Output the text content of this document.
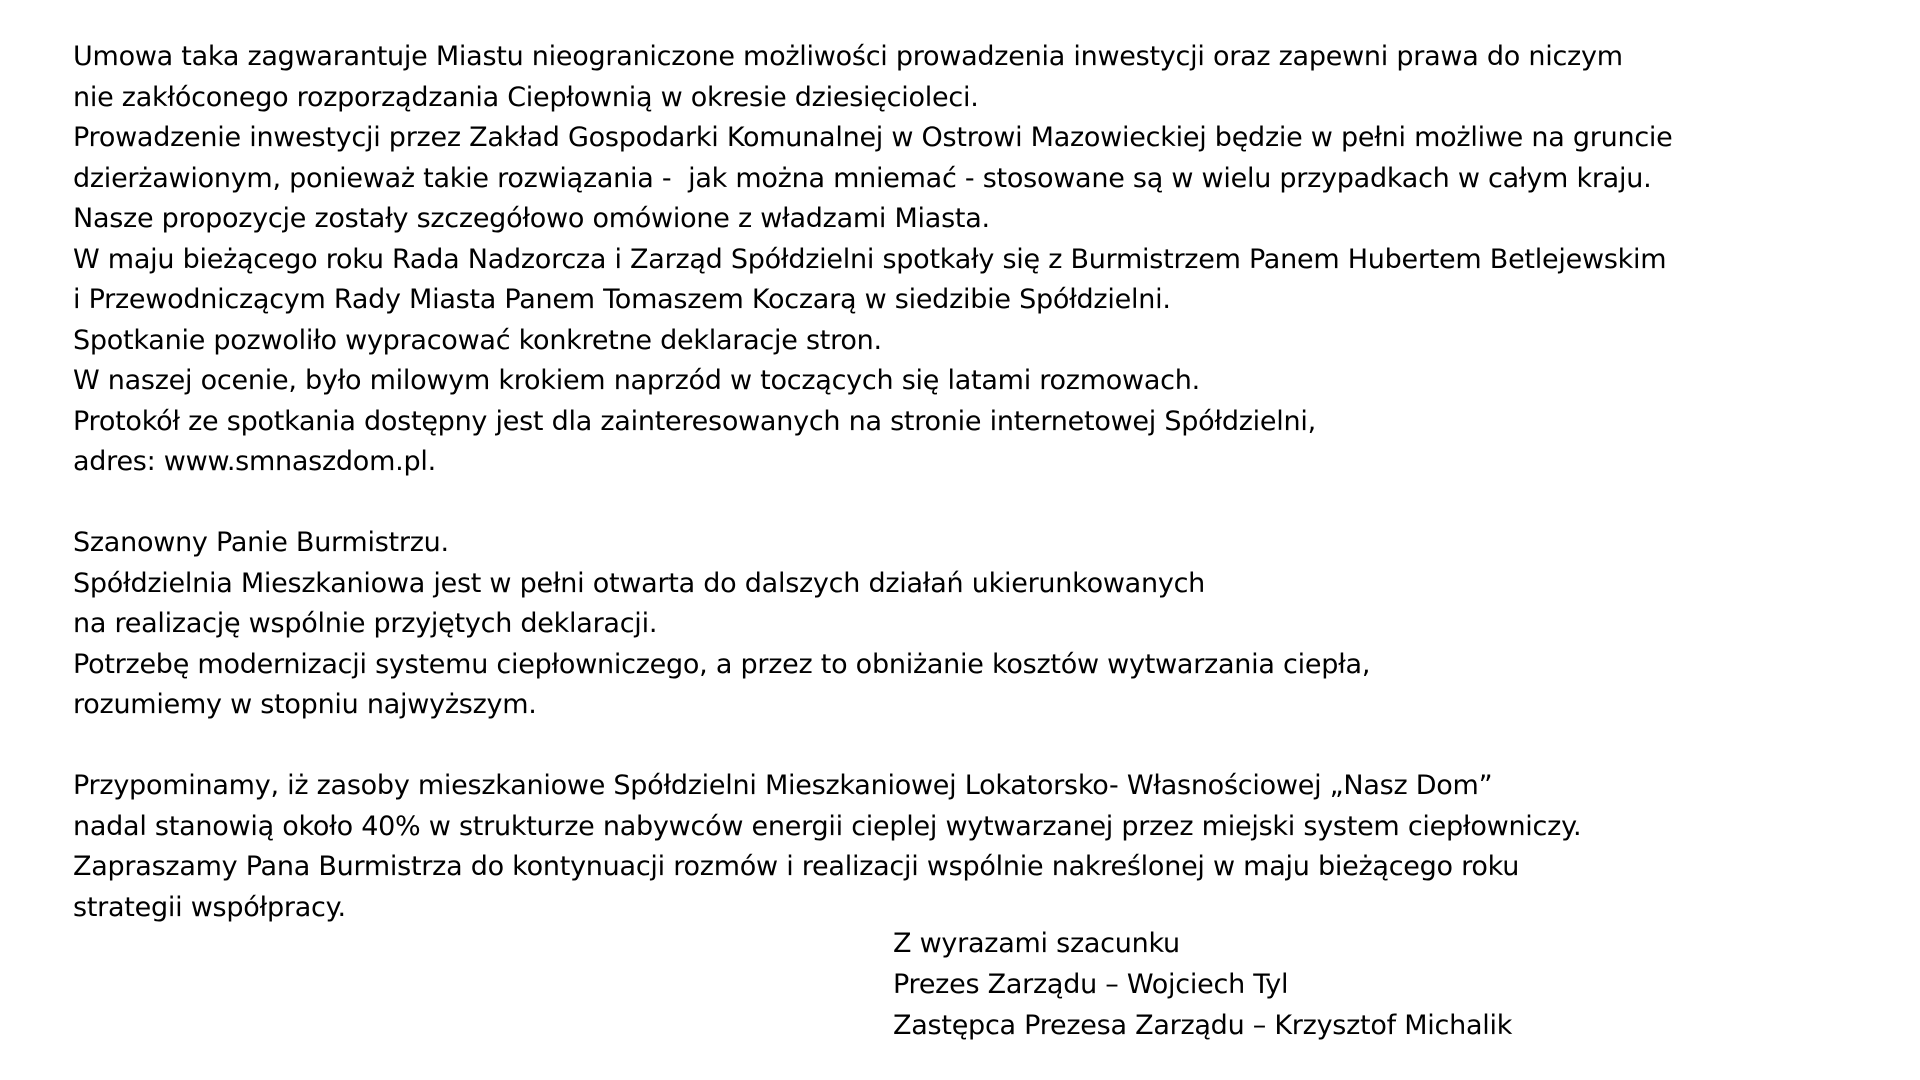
Umowa taka zagwarantuje Miastu nieograniczone możliwości prowadzenia inwestycji oraz zapewni prawa do niczym
nie zakłóconego rozporządzania Ciepłownią w okresie dziesięcioleci.
Prowadzenie inwestycji przez Zakład Gospodarki Komunalnej w Ostrowi Mazowieckiej będzie w pełni możliwe na gruncie
dzierżawionym, ponieważ takie rozwiązania -  jak można mniemać - stosowane są w wielu przypadkach w całym kraju.
Nasze propozycje zostały szczegółowo omówione z władzami Miasta.
W maju bieżącego roku Rada Nadzorcza i Zarząd Spółdzielni spotkały się z Burmistrzem Panem Hubertem Betlejewskim
i Przewodniczącym Rady Miasta Panem Tomaszem Koczarą w siedzibie Spółdzielni.
Spotkanie pozwoliło wypracować konkretne deklaracje stron.
W naszej ocenie, było milowym krokiem naprzód w toczących się latami rozmowach.
Protokół ze spotkania dostępny jest dla zainteresowanych na stronie internetowej Spółdzielni,
adres: www.smnaszdom.pl.
Szanowny Panie Burmistrzu.
Spółdzielnia Mieszkaniowa jest w pełni otwarta do dalszych działań ukierunkowanych
na realizację wspólnie przyjętych deklaracji.
Potrzebę modernizacji systemu ciepłowniczego, a przez to obniżanie kosztów wytwarzania ciepła,
rozumiemy w stopniu najwyższym.
Przypominamy, iż zasoby mieszkaniowe Spółdzielni Mieszkaniowej Lokatorsko- Własnościowej „Nasz Dom”
nadal stanowią około 40% w strukturze nabywców energii cieplej wytwarzanej przez miejski system ciepłowniczy.
Zapraszamy Pana Burmistrza do kontynuacji rozmów i realizacji wspólnie nakreślonej w maju bieżącego roku
strategii współpracy.
Z wyrazami szacunku
Prezes Zarządu – Wojciech Tyl
Zastępca Prezesa Zarządu – Krzysztof Michalik
